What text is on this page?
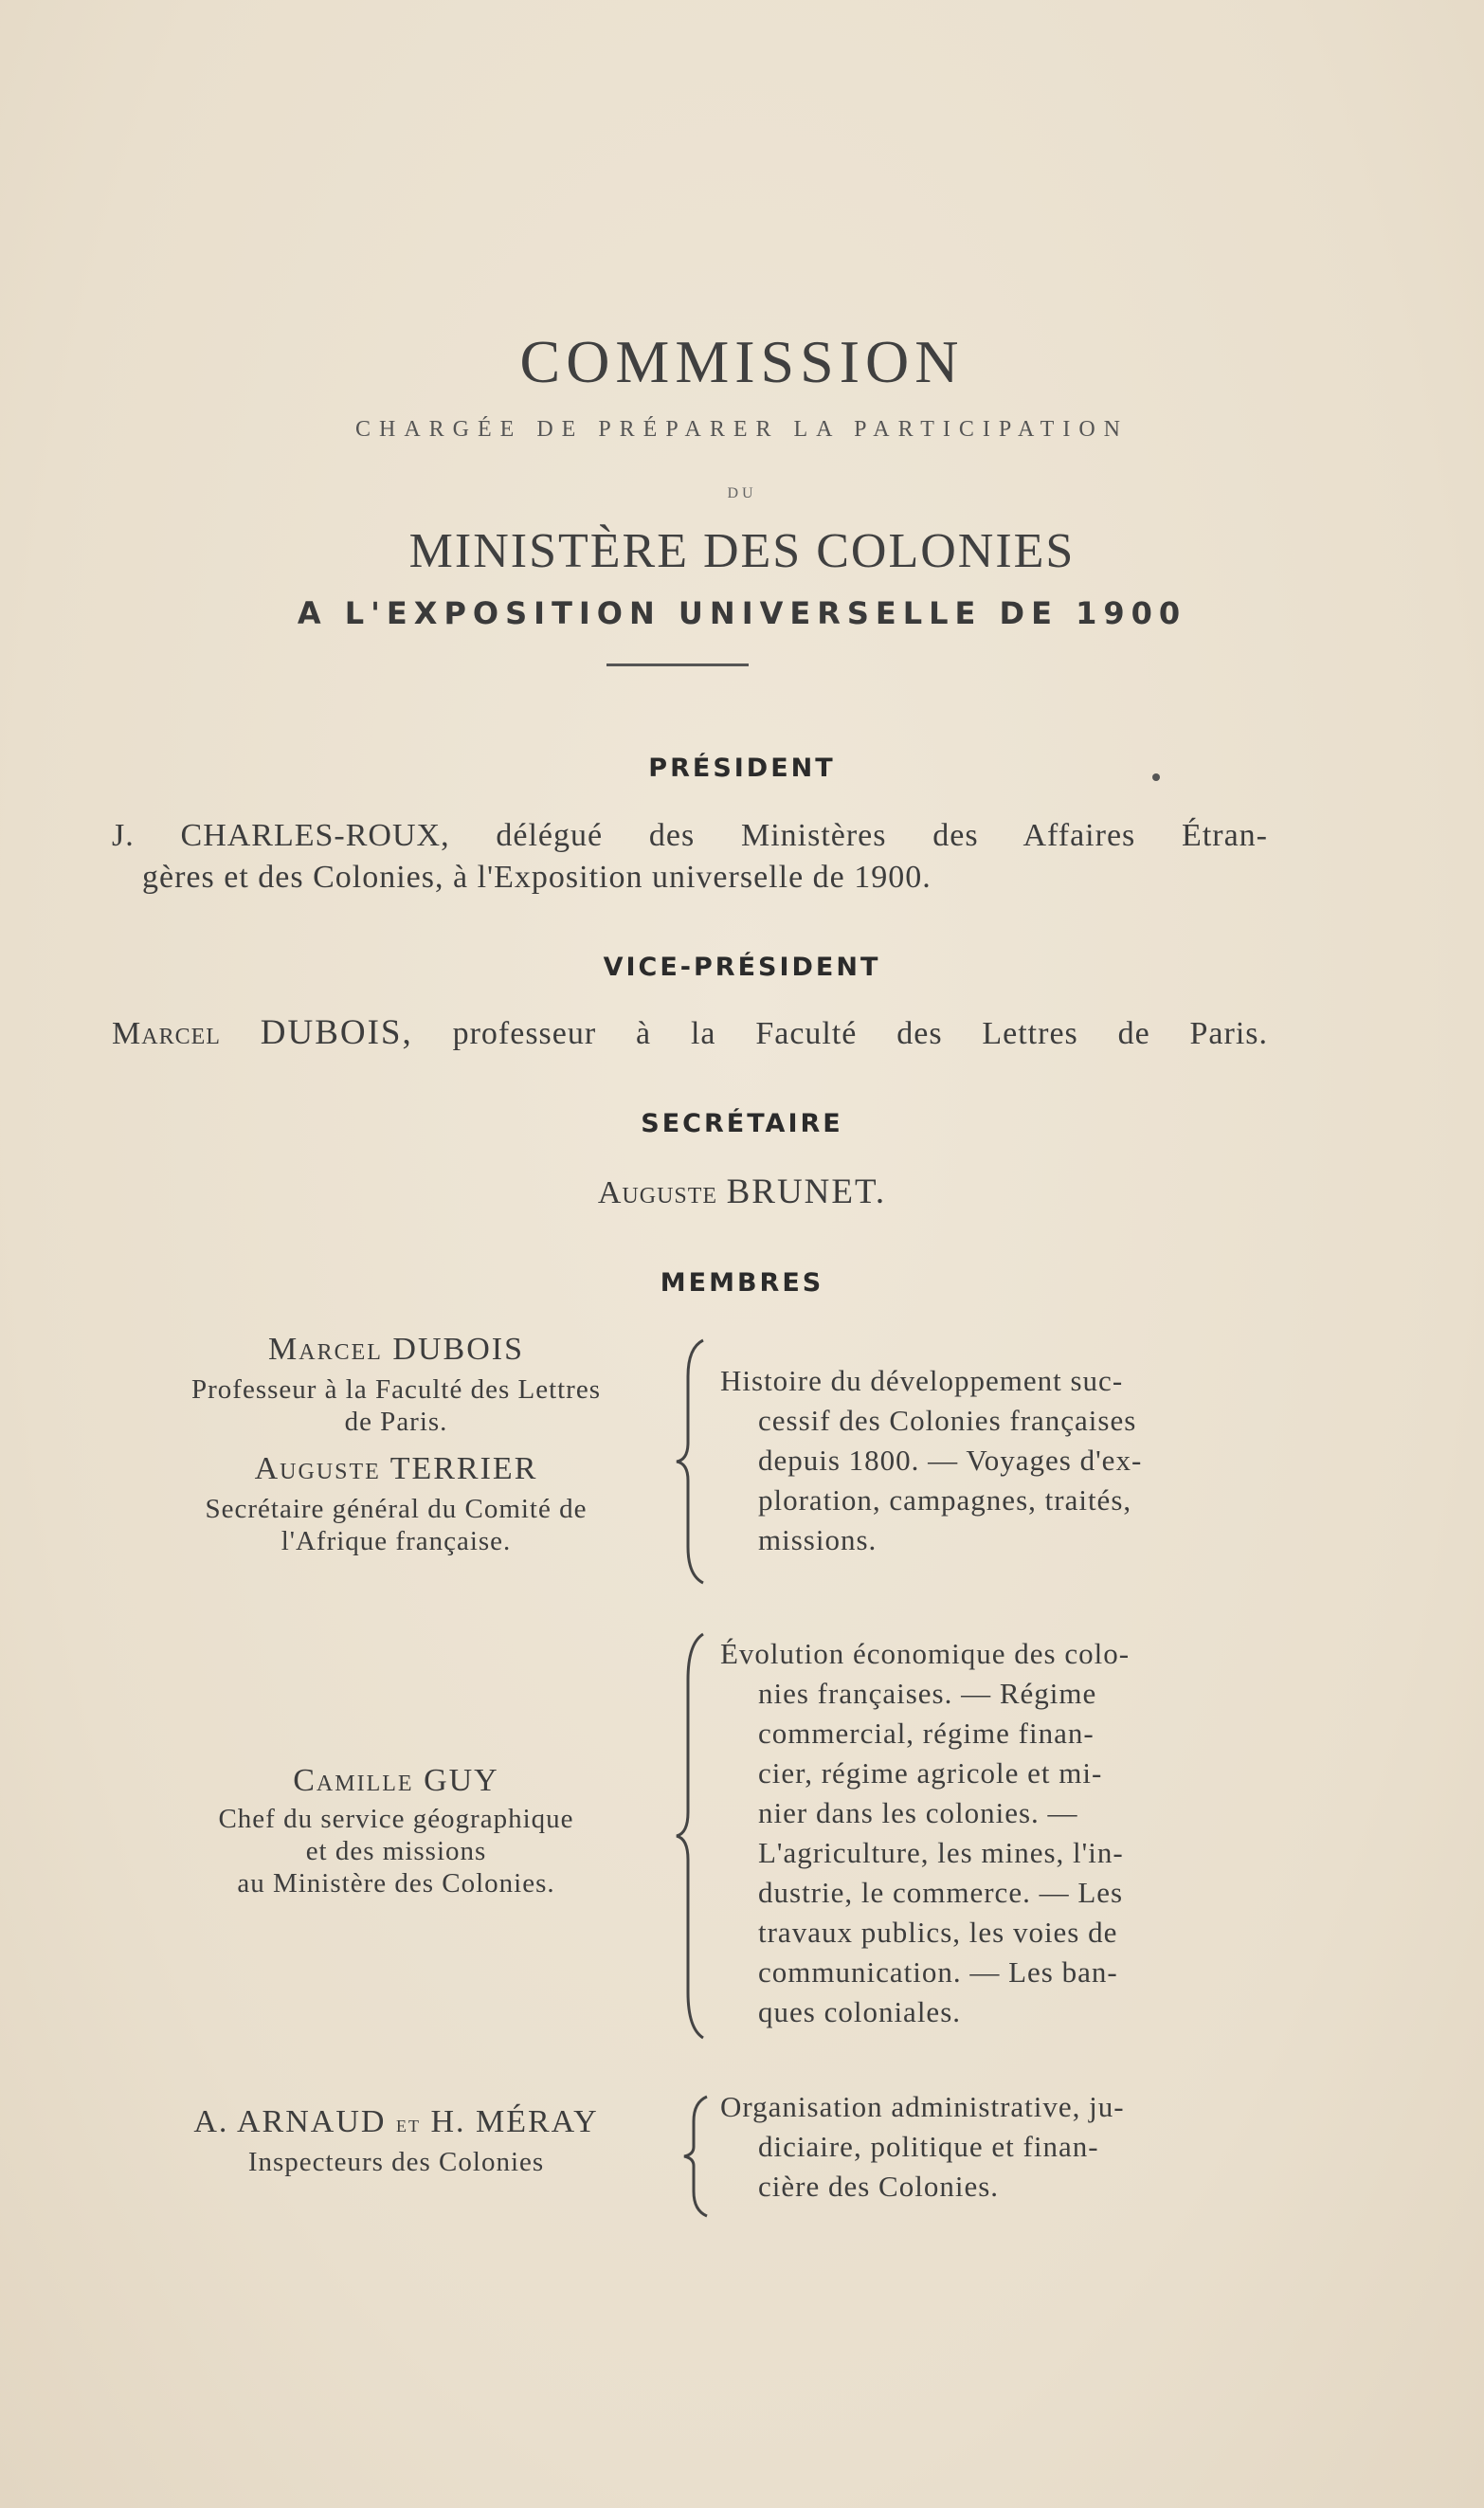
COMMISSION
CHARGÉE DE PRÉPARER LA PARTICIPATION
DU
MINISTÈRE DES COLONIES
A L'EXPOSITION UNIVERSELLE DE 1900
PRÉSIDENT
J. CHARLES-ROUX, délégué des Ministères des Affaires Étran-
gères et des Colonies, à l'Exposition universelle de 1900.
VICE-PRÉSIDENT
Marcel DUBOIS, professeur à la Faculté des Lettres de Paris.
SECRÉTAIRE
Auguste BRUNET.
MEMBRES
Marcel DUBOIS
Professeur à la Faculté des Lettres
de Paris.
Auguste TERRIER
Secrétaire général du Comité de
l'Afrique française.
Histoire du développement suc-
cessif des Colonies françaises
depuis 1800. — Voyages d'ex-
ploration, campagnes, traités,
missions.
Camille GUY
Chef du service géographique
et des missions
au Ministère des Colonies.
Évolution économique des colo-
nies françaises. — Régime
commercial, régime finan-
cier, régime agricole et mi-
nier dans les colonies. —
L'agriculture, les mines, l'in-
dustrie, le commerce. — Les
travaux publics, les voies de
communication. — Les ban-
ques coloniales.
A. ARNAUD et H. MÉRAY
Inspecteurs des Colonies
Organisation administrative, ju-
diciaire, politique et finan-
cière des Colonies.
